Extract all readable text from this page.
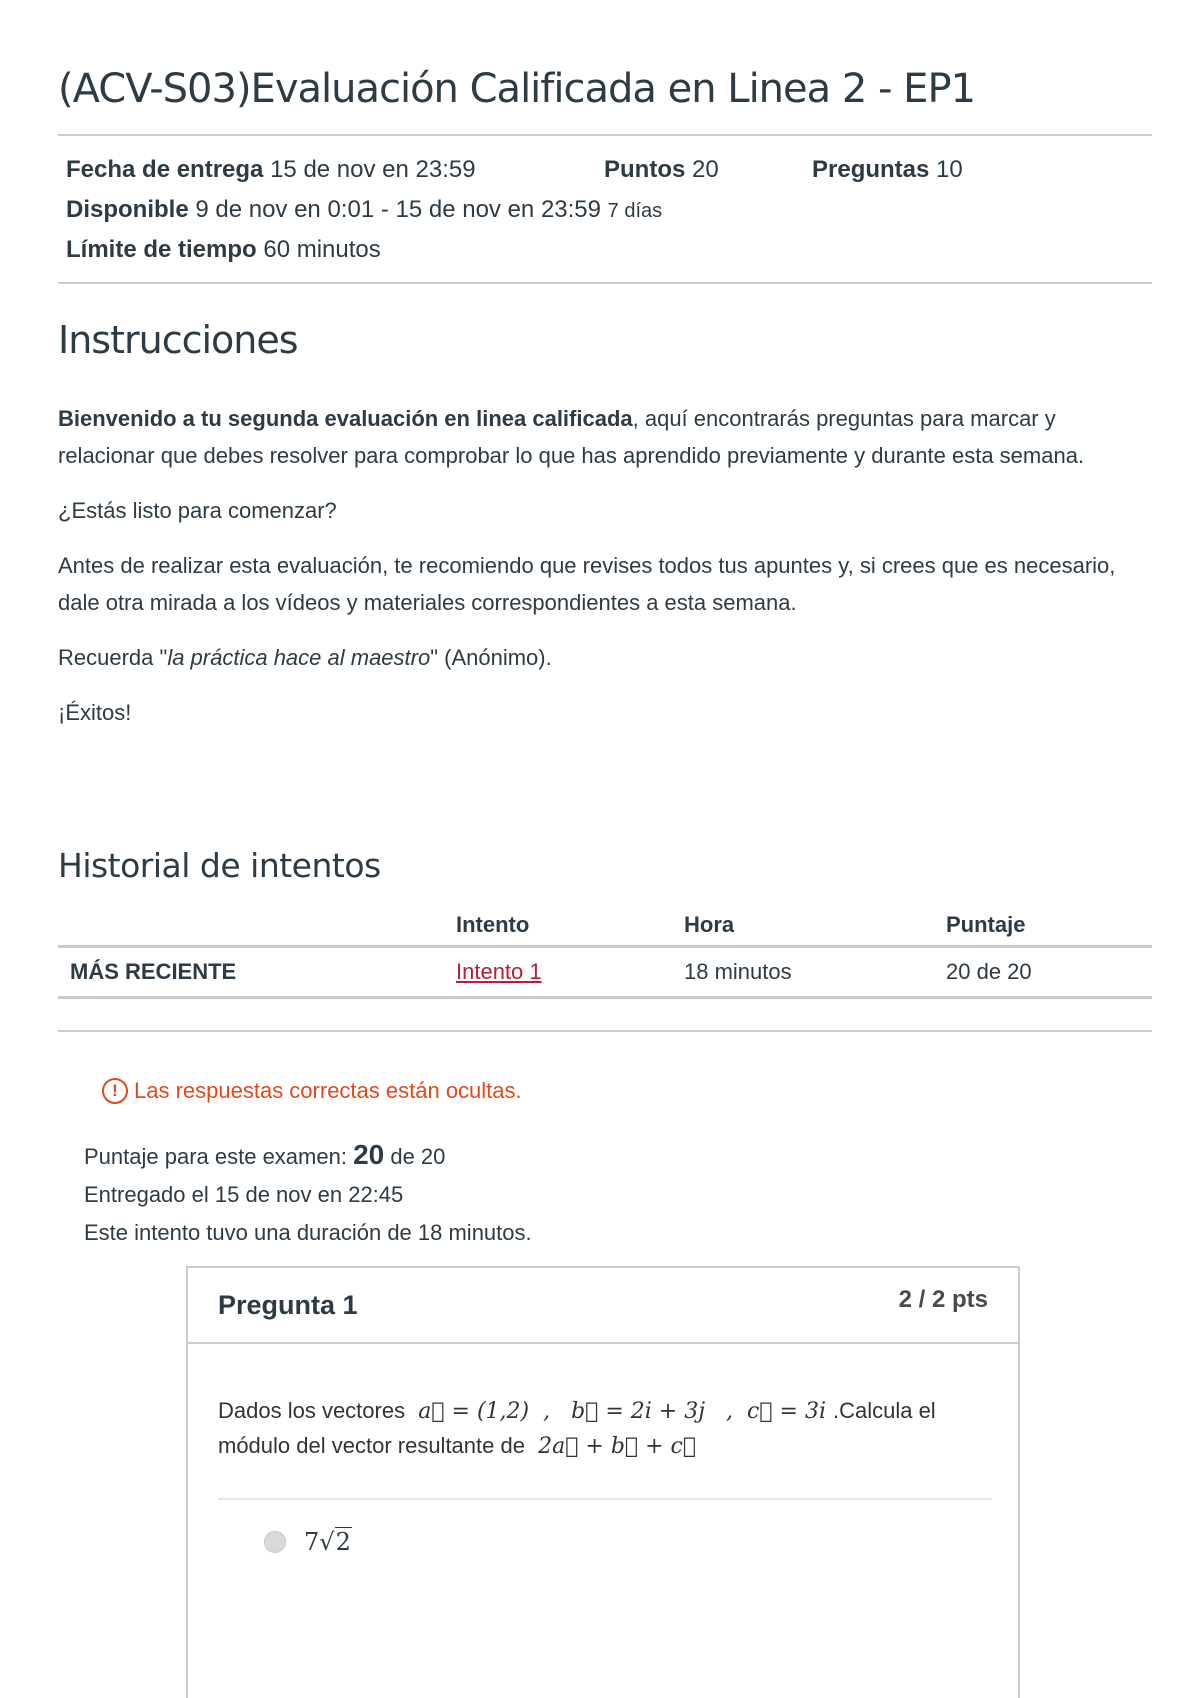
(ACV-S03)Evaluación Calificada en Linea 2 - EP1
Fecha de entrega 15 de nov en 23:59	Puntos 20	Preguntas 10
Disponible 9 de nov en 0:01 - 15 de nov en 23:59 7 días
Límite de tiempo 60 minutos
Instrucciones

Bienvenido a tu segunda evaluación en linea calificada, aquí encontrarás preguntas para marcar y relacionar que debes resolver para comprobar lo que has aprendido previamente y durante esta semana.

¿Estás listo para comenzar?

Antes de realizar esta evaluación, te recomiendo que revises todos tus apuntes y, si crees que es necesario, dale otra mirada a los vídeos y materiales correspondientes a esta semana.

Recuerda "la práctica hace al maestro" (Anónimo).

¡Éxitos!

Historial de intentos
	Intento	Hora	Puntaje
MÁS RECIENTE	Intento 1	18 minutos	20 de 20
! Las respuestas correctas están ocultas.
Puntaje para este examen: 20 de 20
Entregado el 15 de nov en 22:45
Este intento tuvo una duración de 18 minutos.
Pregunta 1	2 / 2 pts
Dados los vectores  a⃗ = (1,2)  ,   b⃗ = 2i + 3j   ,  c⃗ = 3i .Calcula el módulo del vector resultante de  2a⃗ + b⃗ + c⃗
7√2
